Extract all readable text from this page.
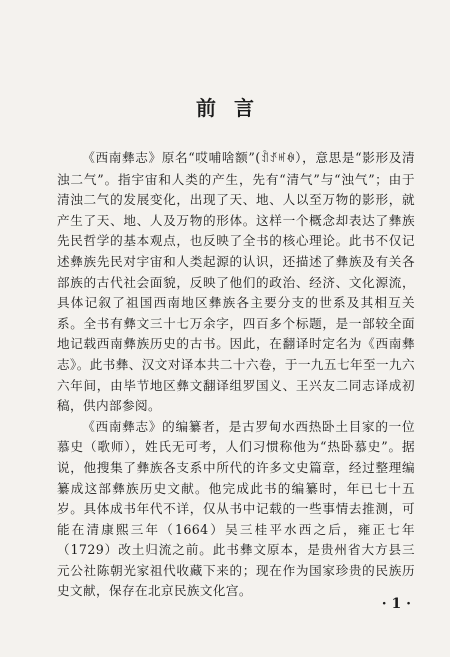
前言

《西南彝志》原名“哎哺啥额”(ꀉꀋꎭꊿ），意思是“影形及清浊二气”。指宇宙和人类的产生，先有“清气”与“浊气”；由于清浊二气的发展变化，出现了天、地、人以至万物的影形，就产生了天、地、人及万物的形体。这样一个概念却表达了彝族先民哲学的基本观点，也反映了全书的核心理论。此书不仅记述彝族先民对宇宙和人类起源的认识，还描述了彝族及有关各部族的古代社会面貌，反映了他们的政治、经济、文化源流，具体记叙了祖国西南地区彝族各主要分支的世系及其相互关系。全书有彝文三十七万余字，四百多个标题，是一部较全面地记载西南彝族历史的古书。因此，在翻译时定名为《西南彝志》。此书彝、汉文对译本共二十六卷，于一九五七年至一九六六年间，由毕节地区彝文翻译组罗国义、王兴友二同志译成初稿，供内部参阅。

《西南彝志》的编纂者，是古罗甸水西热卧土目家的一位慕史（歌师），姓氏无可考，人们习惯称他为“热卧慕史”。据说，他搜集了彝族各支系中所代的许多文史篇章，经过整理编纂成这部彝族历史文献。他完成此书的编纂时，年已七十五岁。具体成书年代不详，仅从书中记载的一些事情去推测，可能在清康熙三年（1664）吴三桂平水西之后，雍正七年（1729）改土归流之前。此书彝文原本，是贵州省大方县三元公社陈朝光家祖代收藏下来的；现在作为国家珍贵的民族历史文献，保存在北京民族文化宫。

· 1 ·
